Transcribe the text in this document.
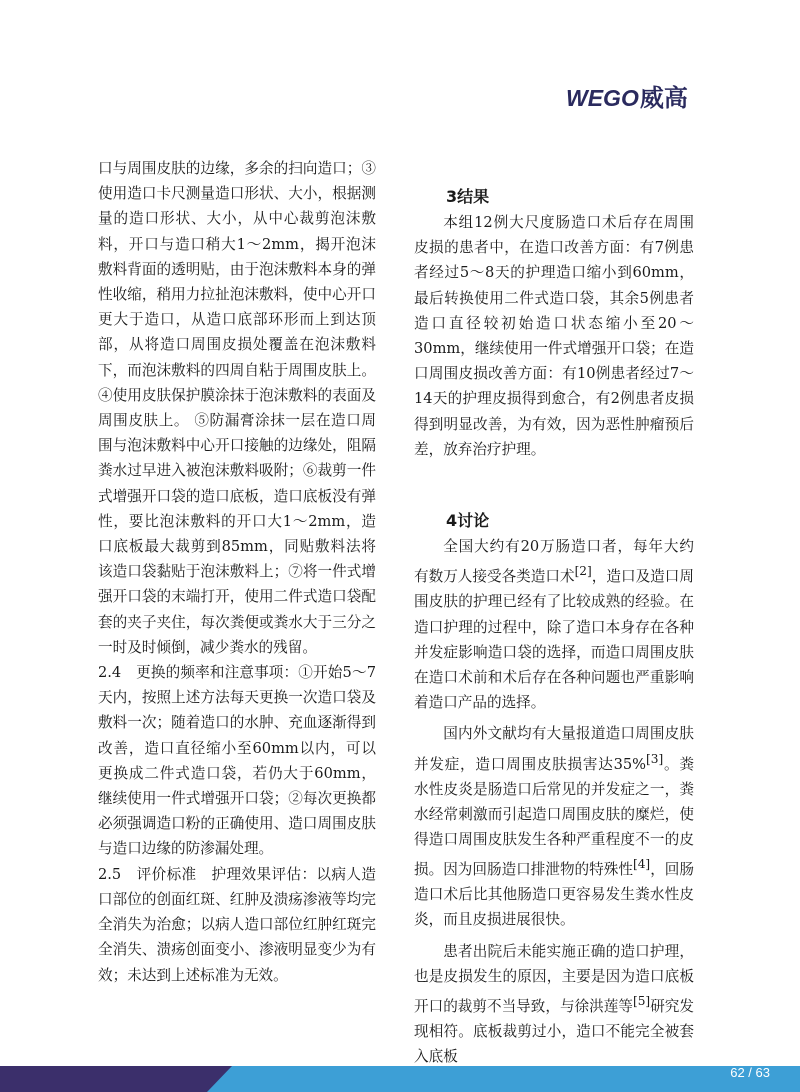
WEGO威高

口与周围皮肤的边缘，多余的扫向造口；③使用造口卡尺测量造口形状、大小，根据测量的造口形状、大小，从中心裁剪泡沫敷料，开口与造口稍大1～2mm，揭开泡沫敷料背面的透明贴，由于泡沫敷料本身的弹性收缩，稍用力拉扯泡沫敷料，使中心开口更大于造口，从造口底部环形而上到达顶部，从将造口周围皮损处覆盖在泡沫敷料下，而泡沫敷料的四周自粘于周围皮肤上。④使用皮肤保护膜涂抹于泡沫敷料的表面及周围皮肤上。 ⑤防漏膏涂抹一层在造口周围与泡沫敷料中心开口接触的边缘处，阻隔粪水过早进入被泡沫敷料吸附；⑥裁剪一件式增强开口袋的造口底板，造口底板没有弹性，要比泡沫敷料的开口大1～2mm，造口底板最大裁剪到85mm，同贴敷料法将该造口袋黏贴于泡沫敷料上；⑦将一件式增强开口袋的末端打开，使用二件式造口袋配套的夹子夹住，每次粪便或粪水大于三分之一时及时倾倒，减少粪水的残留。

2.4　更换的频率和注意事项：①开始5～7天内，按照上述方法每天更换一次造口袋及敷料一次；随着造口的水肿、充血逐渐得到改善，造口直径缩小至60mm以内，可以更换成二件式造口袋，若仍大于60mm，继续使用一件式增强开口袋；②每次更换都必须强调造口粉的正确使用、造口周围皮肤与造口边缘的防渗漏处理。

2.5　评价标准　护理效果评估：以病人造口部位的创面红斑、红肿及溃疡渗液等均完全消失为治愈；以病人造口部位红肿红斑完全消失、溃疡创面变小、渗液明显变少为有效；未达到上述标准为无效。

3结果

本组12例大尺度肠造口术后存在周围皮损的患者中，在造口改善方面：有7例患者经过5～8天的护理造口缩小到60mm，最后转换使用二件式造口袋，其余5例患者造口直径较初始造口状态缩小至20～30mm，继续使用一件式增强开口袋；在造口周围皮损改善方面：有10例患者经过7～14天的护理皮损得到愈合，有2例患者皮损得到明显改善，为有效，因为恶性肿瘤预后差，放弃治疗护理。

4讨论

全国大约有20万肠造口者，每年大约有数万人接受各类造口术[2]，造口及造口周围皮肤的护理已经有了比较成熟的经验。在造口护理的过程中，除了造口本身存在各种并发症影响造口袋的选择，而造口周围皮肤在造口术前和术后存在各种问题也严重影响着造口产品的选择。

国内外文献均有大量报道造口周围皮肤并发症，造口周围皮肤损害达35%[3]。粪水性皮炎是肠造口后常见的并发症之一，粪水经常刺激而引起造口周围皮肤的糜烂，使得造口周围皮肤发生各种严重程度不一的皮损。因为回肠造口排泄物的特殊性[4]，回肠造口术后比其他肠造口更容易发生粪水性皮炎，而且皮损进展很快。

患者出院后未能实施正确的造口护理，也是皮损发生的原因，主要是因为造口底板开口的裁剪不当导致，与徐洪莲等[5]研究发现相符。底板裁剪过小，造口不能完全被套入底板

62 / 63
